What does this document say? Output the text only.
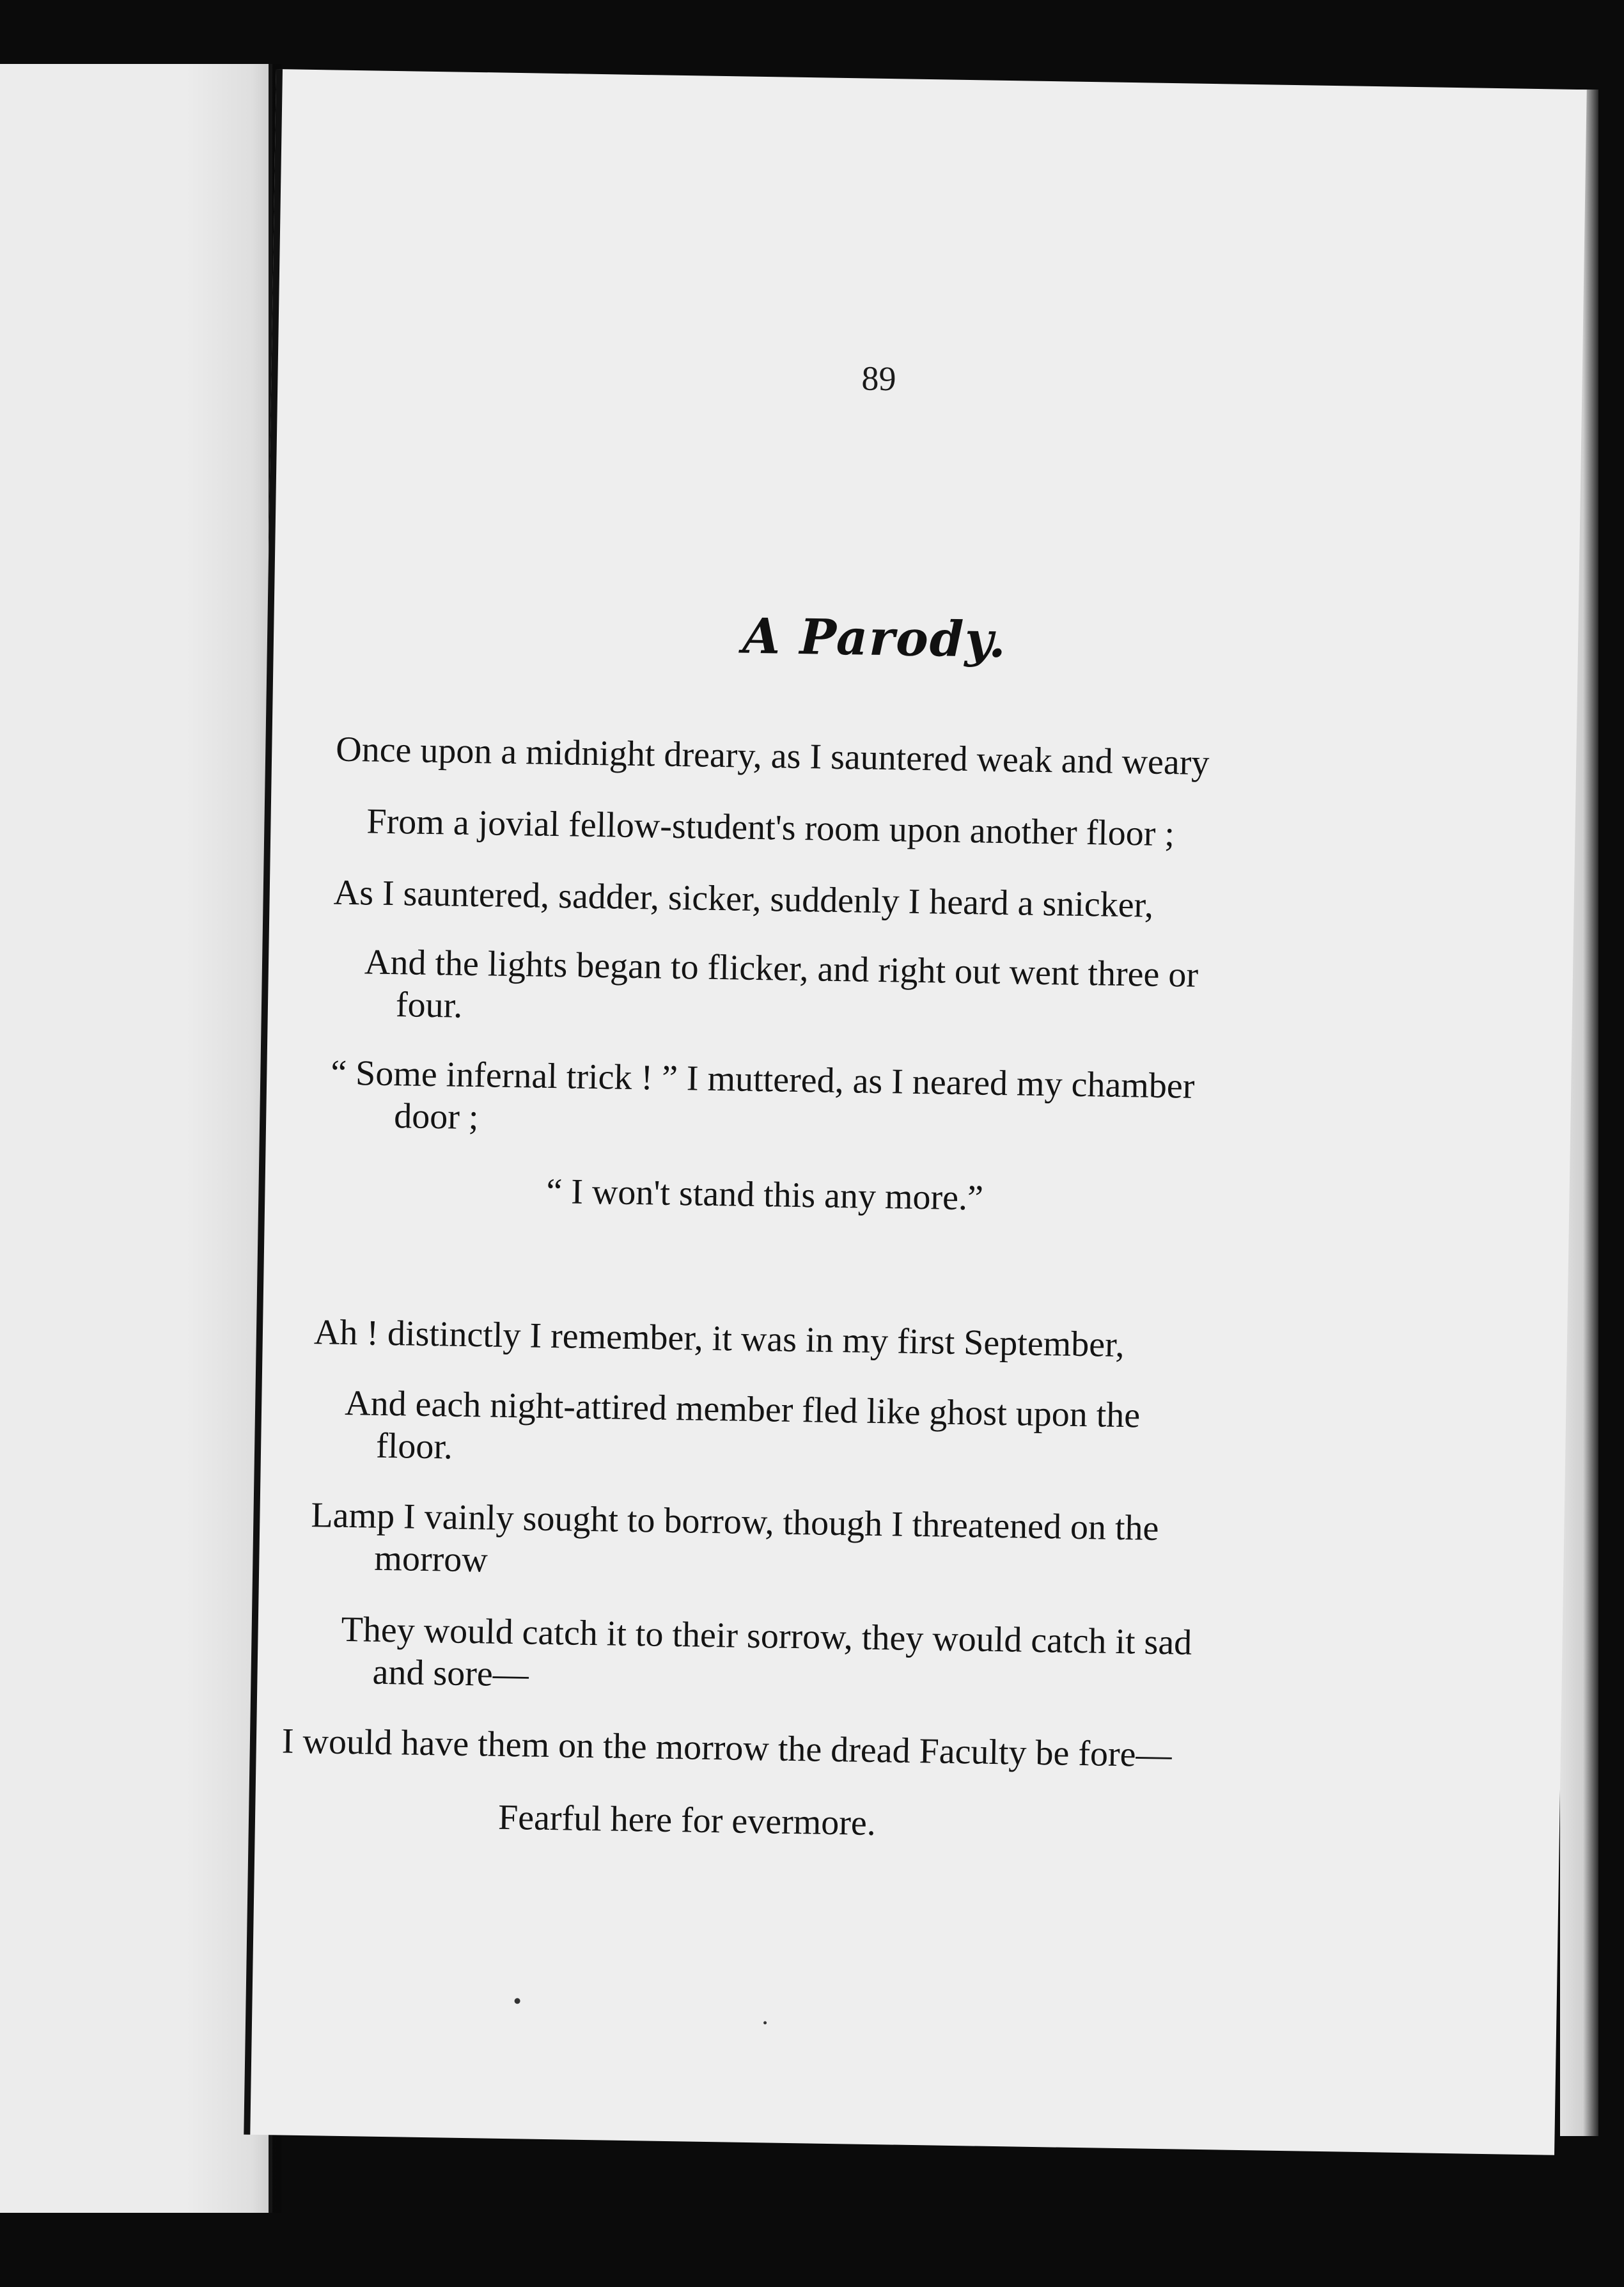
89
A Parody.
Once upon a midnight dreary, as I sauntered weak and weary
From a jovial fellow-student's room upon another floor ;
As I sauntered, sadder, sicker, suddenly I heard a snicker,
And the lights began to flicker, and right out went three or
four.
“ Some infernal trick ! ” I muttered, as I neared my chamber
door ;
“ I won't stand this any more.”
Ah ! distinctly I remember, it was in my first September,
And each night-attired member fled like ghost upon the
floor.
Lamp I vainly sought to borrow, though I threatened on the
morrow
They would catch it to their sorrow, they would catch it sad
and sore—
I would have them on the morrow the dread Faculty be fore—
Fearful here for evermore.
